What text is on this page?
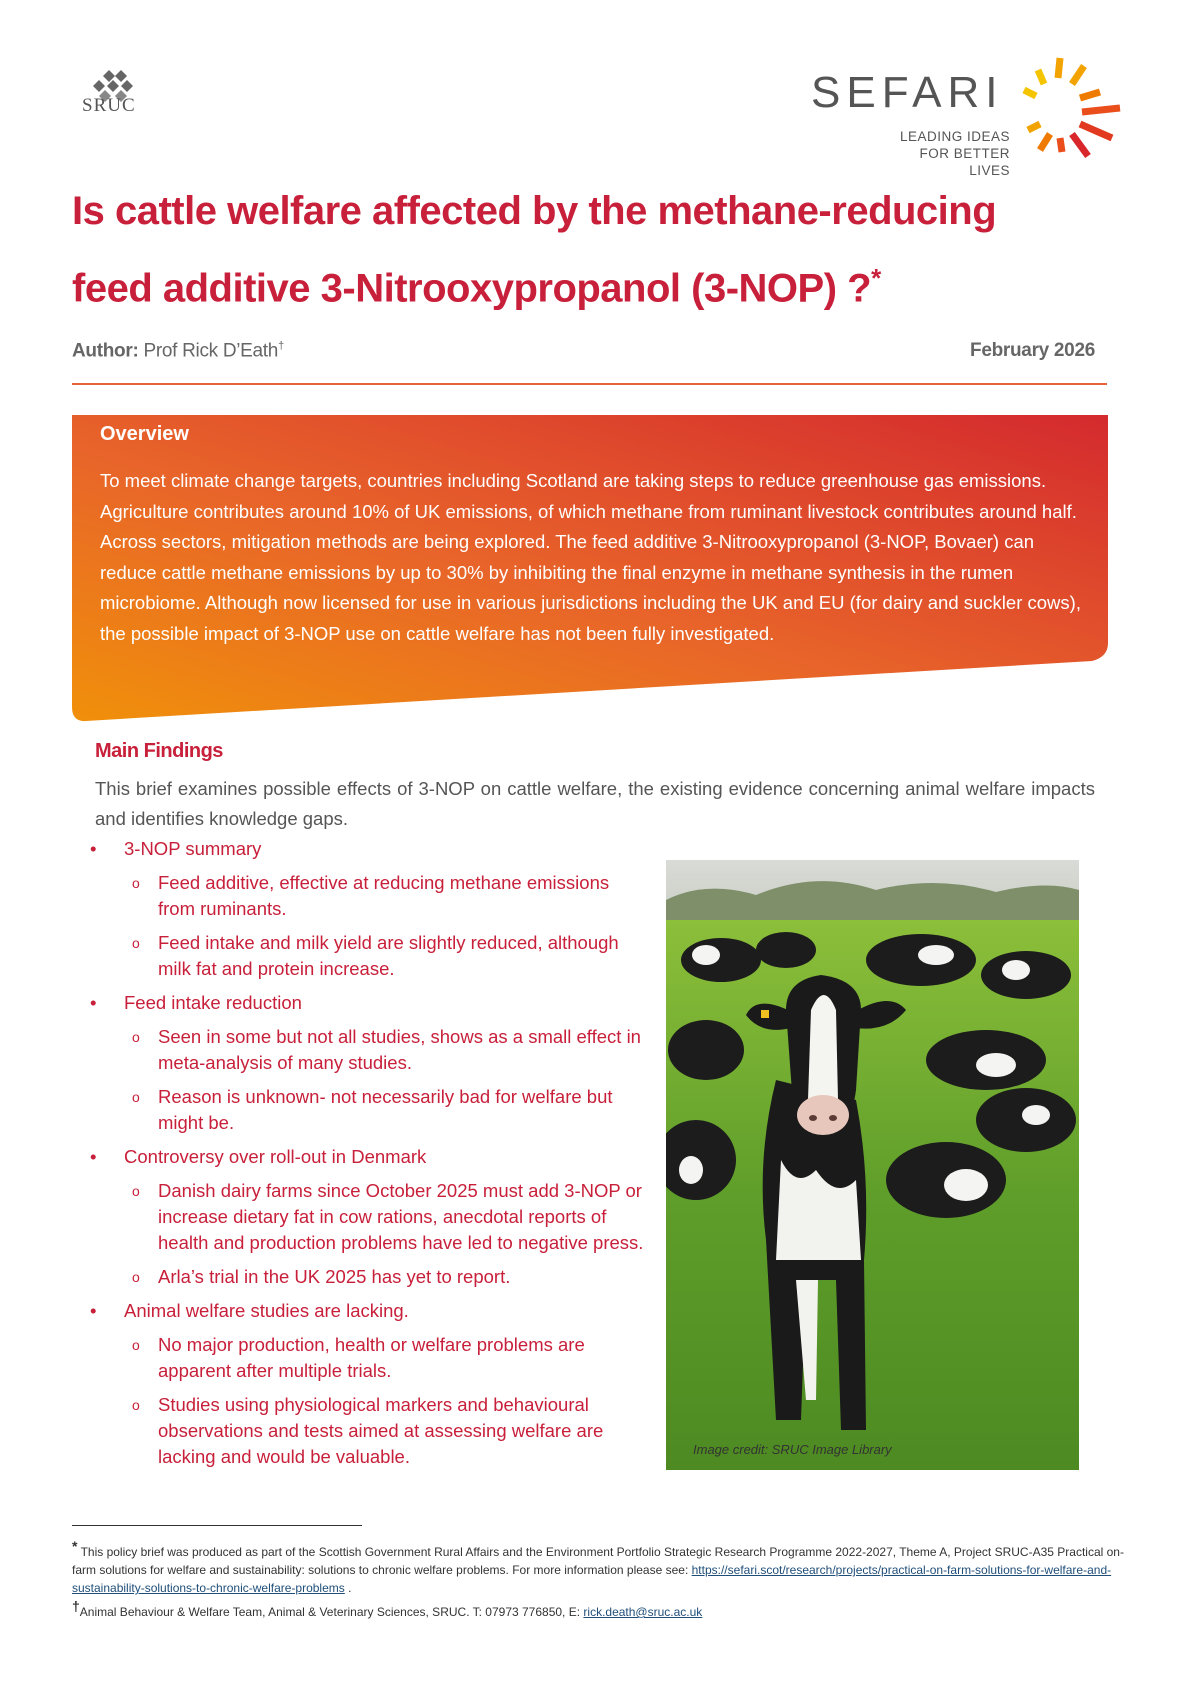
SRUC	SEFARI
LEADING IDEAS
FOR BETTER LIVES
Is cattle welfare affected by the methane-reducing
feed additive 3-Nitrooxypropanol (3-NOP) ?*
Author: Prof Rick D’Eath†	February 2026
Overview
To meet climate change targets, countries including Scotland are taking steps to reduce greenhouse gas emissions. Agriculture contributes around 10% of UK emissions, of which methane from ruminant livestock contributes around half. Across sectors, mitigation methods are being explored. The feed additive 3-Nitrooxypropanol (3-NOP, Bovaer) can reduce cattle methane emissions by up to 30% by inhibiting the final enzyme in methane synthesis in the rumen microbiome. Although now licensed for use in various jurisdictions including the UK and EU (for dairy and suckler cows), the possible impact of 3-NOP use on cattle welfare has not been fully investigated.
Main Findings
This brief examines possible effects of 3-NOP on cattle welfare, the existing evidence concerning animal welfare impacts and identifies knowledge gaps.
• 3-NOP summary
o Feed additive, effective at reducing methane emissions from ruminants.
o Feed intake and milk yield are slightly reduced, although milk fat and protein increase.
• Feed intake reduction
o Seen in some but not all studies, shows as a small effect in meta-analysis of many studies.
o Reason is unknown- not necessarily bad for welfare but might be.
• Controversy over roll-out in Denmark
o Danish dairy farms since October 2025 must add 3-NOP or increase dietary fat in cow rations, anecdotal reports of health and production problems have led to negative press.
o Arla’s trial in the UK 2025 has yet to report.
• Animal welfare studies are lacking.
o No major production, health or welfare problems are apparent after multiple trials.
o Studies using physiological markers and behavioural observations and tests aimed at assessing welfare are lacking and would be valuable.	Image credit: SRUC Image Library
* This policy brief was produced as part of the Scottish Government Rural Affairs and the Environment Portfolio Strategic Research Programme 2022-2027, Theme A, Project SRUC-A35 Practical on-farm solutions for welfare and sustainability: solutions to chronic welfare problems. For more information please see: https://sefari.scot/research/projects/practical-on-farm-solutions-for-welfare-and-sustainability-solutions-to-chronic-welfare-problems .
†Animal Behaviour & Welfare Team, Animal & Veterinary Sciences, SRUC. T: 07973 776850, E: rick.death@sruc.ac.uk
